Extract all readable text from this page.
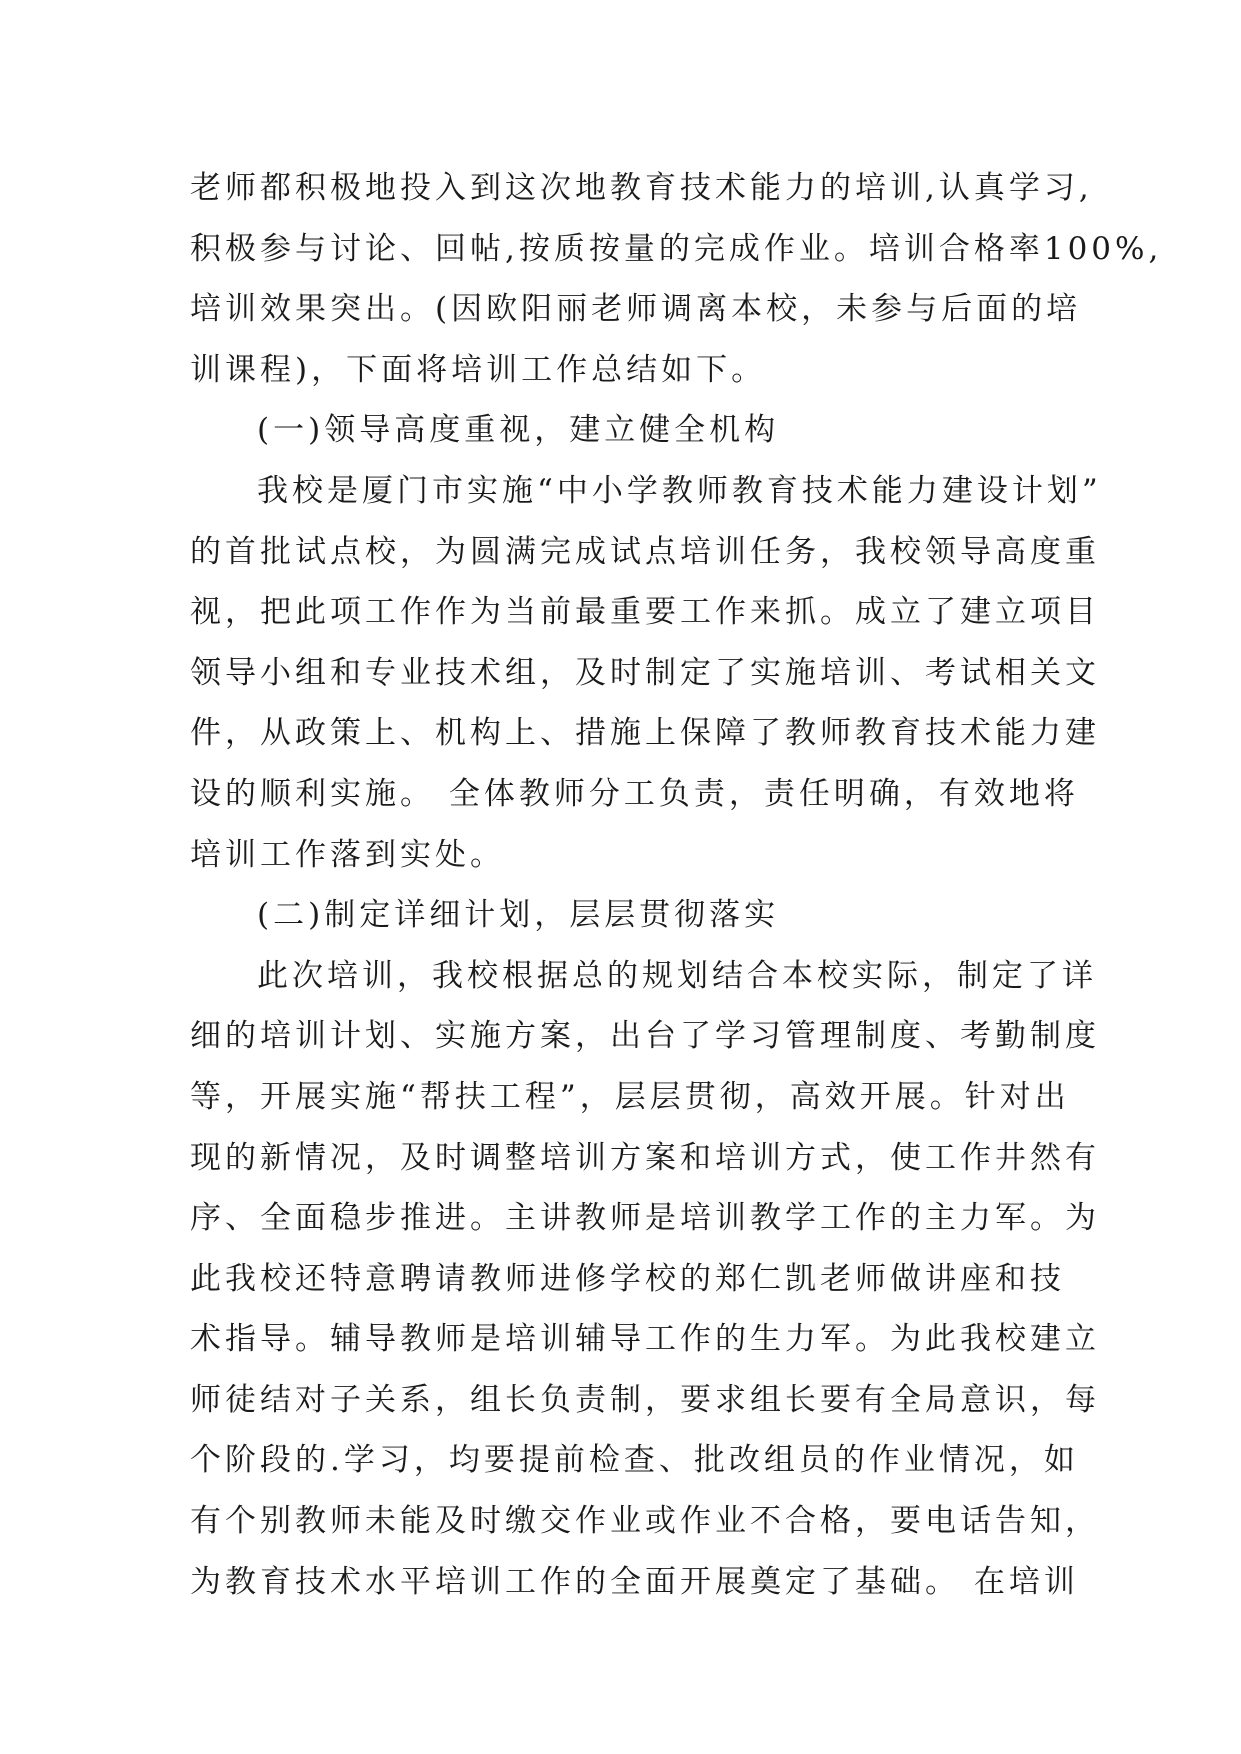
老师都积极地投入到这次地教育技术能力的培训,认真学习,
积极参与讨论、回帖,按质按量的完成作业。培训合格率100%,
培训效果突出。(因欧阳丽老师调离本校，未参与后面的培
训课程)，下面将培训工作总结如下。
(一)领导高度重视，建立健全机构
我校是厦门市实施“中小学教师教育技术能力建设计划”
的首批试点校，为圆满完成试点培训任务，我校领导高度重
视，把此项工作作为当前最重要工作来抓。成立了建立项目
领导小组和专业技术组，及时制定了实施培训、考试相关文
件，从政策上、机构上、措施上保障了教师教育技术能力建
设的顺利实施。 全体教师分工负责，责任明确，有效地将
培训工作落到实处。
(二)制定详细计划，层层贯彻落实
此次培训，我校根据总的规划结合本校实际，制定了详
细的培训计划、实施方案，出台了学习管理制度、考勤制度
等，开展实施“帮扶工程”，层层贯彻，高效开展。针对出
现的新情况，及时调整培训方案和培训方式，使工作井然有
序、全面稳步推进。主讲教师是培训教学工作的主力军。为
此我校还特意聘请教师进修学校的郑仁凯老师做讲座和技
术指导。辅导教师是培训辅导工作的生力军。为此我校建立
师徒结对子关系，组长负责制，要求组长要有全局意识，每
个阶段的.学习，均要提前检查、批改组员的作业情况，如
有个别教师未能及时缴交作业或作业不合格，要电话告知，
为教育技术水平培训工作的全面开展奠定了基础。 在培训
